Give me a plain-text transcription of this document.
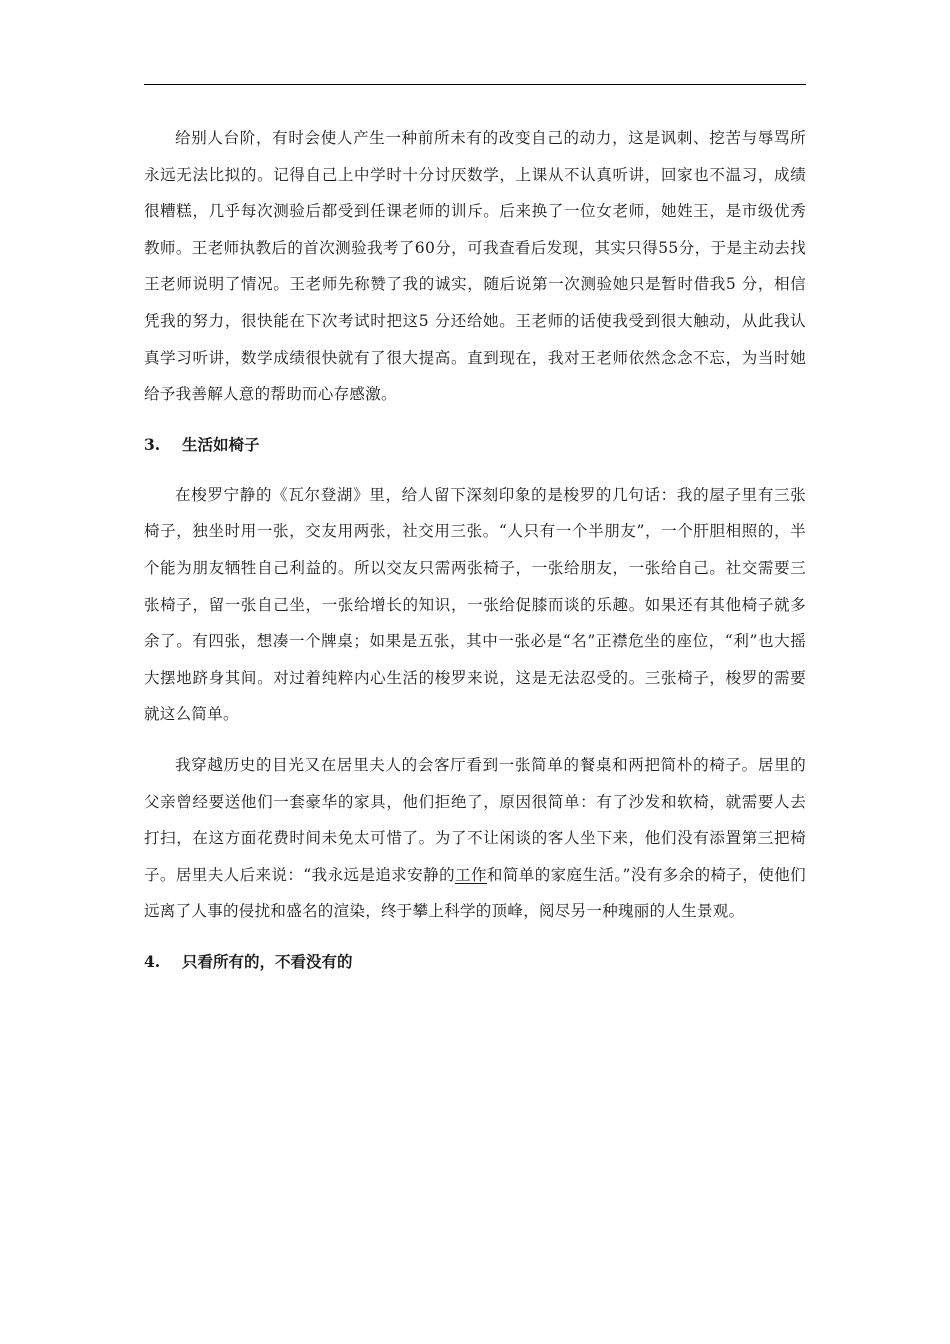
给别人台阶，有时会使人产生一种前所未有的改变自己的动力，这是讽刺、挖苦与辱骂所永远无法比拟的。记得自己上中学时十分讨厌数学，上课从不认真听讲，回家也不温习，成绩很糟糕，几乎每次测验后都受到任课老师的训斥。后来换了一位女老师，她姓王，是市级优秀教师。王老师执教后的首次测验我考了60分，可我查看后发现，其实只得55分，于是主动去找王老师说明了情况。王老师先称赞了我的诚实，随后说第一次测验她只是暂时借我5 分，相信凭我的努力，很快能在下次考试时把这5 分还给她。王老师的话使我受到很大触动，从此我认真学习听讲，数学成绩很快就有了很大提高。直到现在，我对王老师依然念念不忘，为当时她给予我善解人意的帮助而心存感激。

3. 生活如椅子

在梭罗宁静的《瓦尔登湖》里，给人留下深刻印象的是梭罗的几句话：我的屋子里有三张椅子，独坐时用一张，交友用两张，社交用三张。“人只有一个半朋友”，一个肝胆相照的，半个能为朋友牺牲自己利益的。所以交友只需两张椅子，一张给朋友，一张给自己。社交需要三张椅子，留一张自己坐，一张给增长的知识，一张给促膝而谈的乐趣。如果还有其他椅子就多余了。有四张，想凑一个牌桌；如果是五张，其中一张必是“名”正襟危坐的座位，“利”也大摇大摆地跻身其间。对过着纯粹内心生活的梭罗来说，这是无法忍受的。三张椅子，梭罗的需要就这么简单。

我穿越历史的目光又在居里夫人的会客厅看到一张简单的餐桌和两把简朴的椅子。居里的父亲曾经要送他们一套豪华的家具，他们拒绝了，原因很简单：有了沙发和软椅，就需要人去打扫，在这方面花费时间未免太可惜了。为了不让闲谈的客人坐下来，他们没有添置第三把椅子。居里夫人后来说：“我永远是追求安静的工作和简单的家庭生活。”没有多余的椅子，使他们远离了人事的侵扰和盛名的渲染，终于攀上科学的顶峰，阅尽另一种瑰丽的人生景观。

4. 只看所有的，不看没有的
